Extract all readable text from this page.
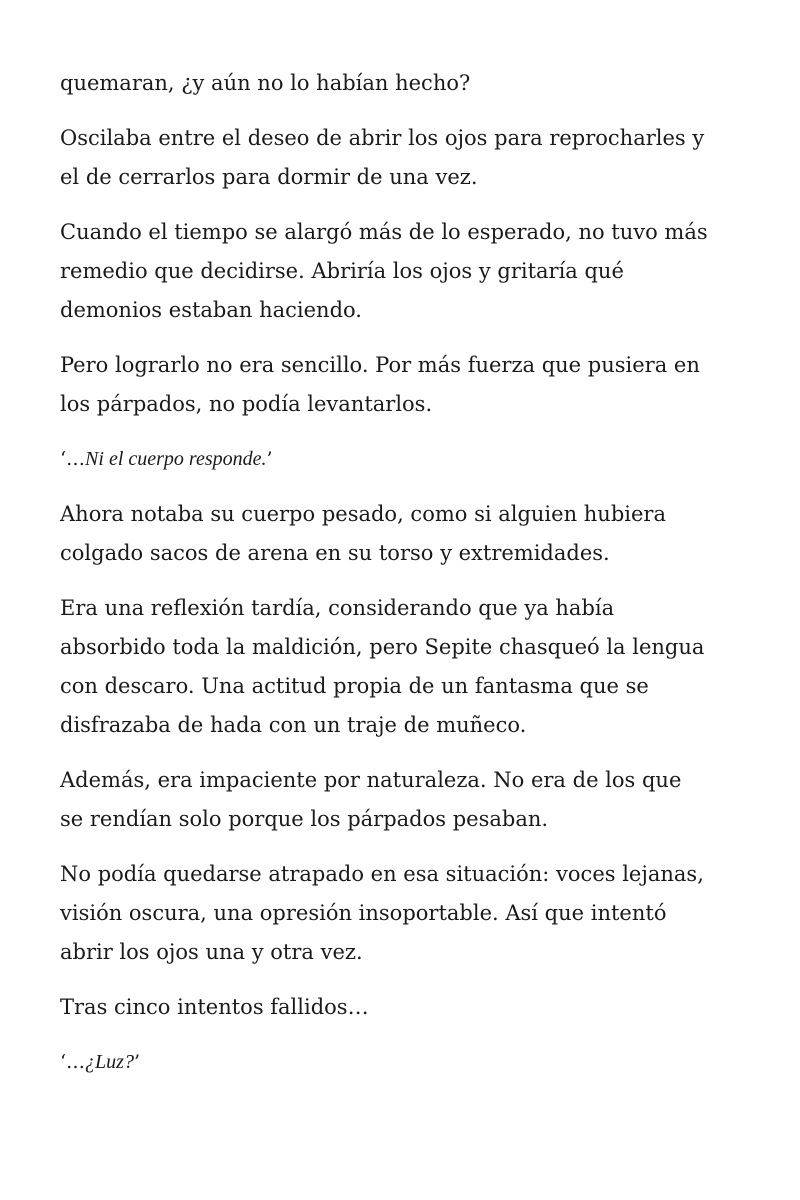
quemaran, ¿y aún no lo habían hecho?

Oscilaba entre el deseo de abrir los ojos para reprocharles y
el de cerrarlos para dormir de una vez.

Cuando el tiempo se alargó más de lo esperado, no tuvo más
remedio que decidirse. Abriría los ojos y gritaría qué
demonios estaban haciendo.

Pero lograrlo no era sencillo. Por más fuerza que pusiera en
los párpados, no podía levantarlos.

‘…Ni el cuerpo responde.’

Ahora notaba su cuerpo pesado, como si alguien hubiera
colgado sacos de arena en su torso y extremidades.

Era una reflexión tardía, considerando que ya había
absorbido toda la maldición, pero Sepite chasqueó la lengua
con descaro. Una actitud propia de un fantasma que se
disfrazaba de hada con un traje de muñeco.

Además, era impaciente por naturaleza. No era de los que
se rendían solo porque los párpados pesaban.

No podía quedarse atrapado en esa situación: voces lejanas,
visión oscura, una opresión insoportable. Así que intentó
abrir los ojos una y otra vez.

Tras cinco intentos fallidos…

‘…¿Luz?’
